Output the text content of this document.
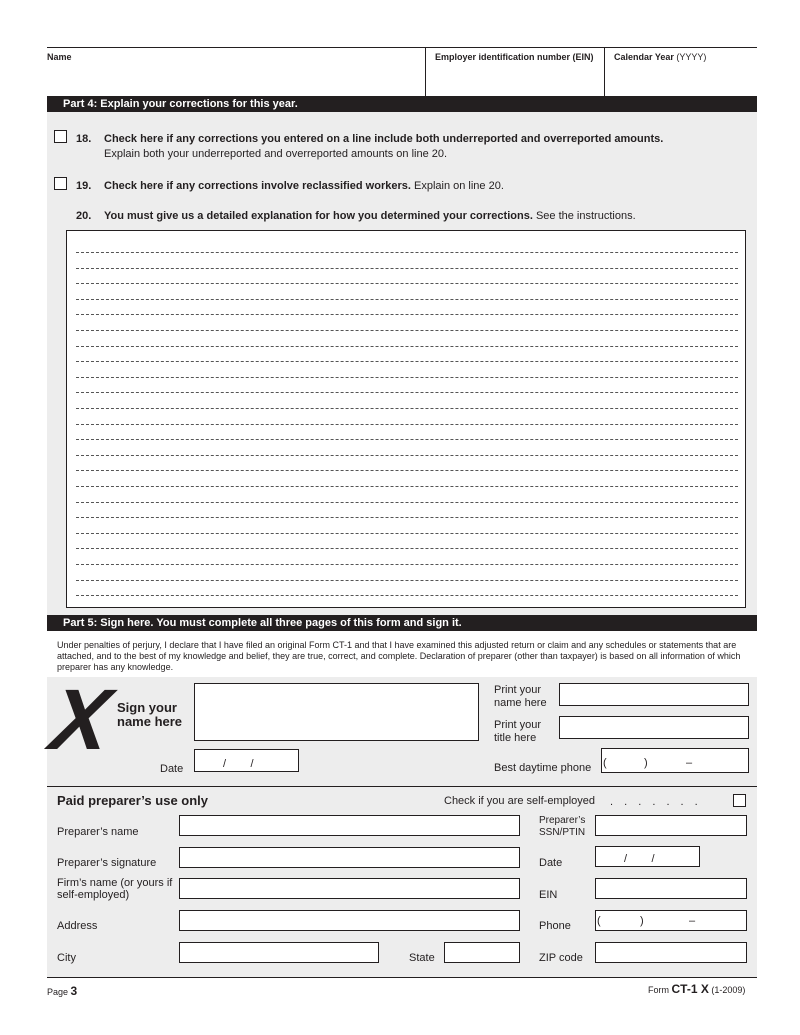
Name	Employer identification number (EIN) Calendar Year (YYYY)
Part 4: Explain your corrections for this year.
18. Check here if any corrections you entered on a line include both underreported and overreported amounts.
Explain both your underreported and overreported amounts on line 20.
19. Check here if any corrections involve reclassified workers. Explain on line 20.
20. You must give us a detailed explanation for how you determined your corrections. See the instructions.
Part 5: Sign here. You must complete all three pages of this form and sign it.
Under penalties of perjury, I declare that I have filed an original Form CT-1 and that I have examined this adjusted return or claim and any schedules or statements that are attached, and to the best of my knowledge and belief, they are true, correct, and complete. Declaration of preparer (other than taxpayer) is based on all information of which preparer has any knowledge.
X Sign your
name here
Date	/        /
Print your
name here
Print your
title here
Best daytime phone (	)	–
Paid preparer’s use only	Check if you are self-employed . . . . . . .
Preparer’s name
Preparer’s
SSN/PTIN
Preparer’s signature	Date	/        /
Firm’s name (or yours if
self-employed)	EIN
Address	Phone (	)	–
City	State	ZIP code
Page 3	Form CT-1 X (1-2009)
